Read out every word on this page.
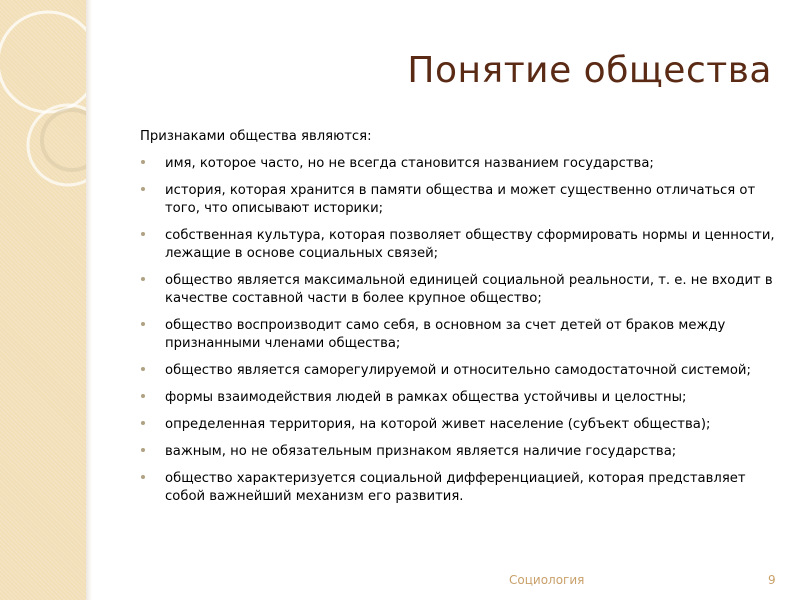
Понятие общества

Признаками общества являются:

имя, которое часто, но не всегда становится названием государства;
история, которая хранится в памяти общества и может существенно отличаться от того, что описывают историки;
собственная культура, которая позволяет обществу сформировать нормы и ценности, лежащие в основе социальных связей;
общество является максимальной единицей социальной реальности, т. е. не входит в качестве составной части в более крупное общество;
общество воспроизводит само себя, в основном за счет детей от браков между признанными членами общества;
общество является саморегулируемой и относительно самодостаточной системой;
формы взаимодействия людей в рамках общества устойчивы и целостны;
определенная территория, на которой живет население (субъект общества);
важным, но не обязательным признаком является наличие государства;
общество характеризуется социальной дифференциацией, которая представляет собой важнейший механизм его развития.
Социология	9
